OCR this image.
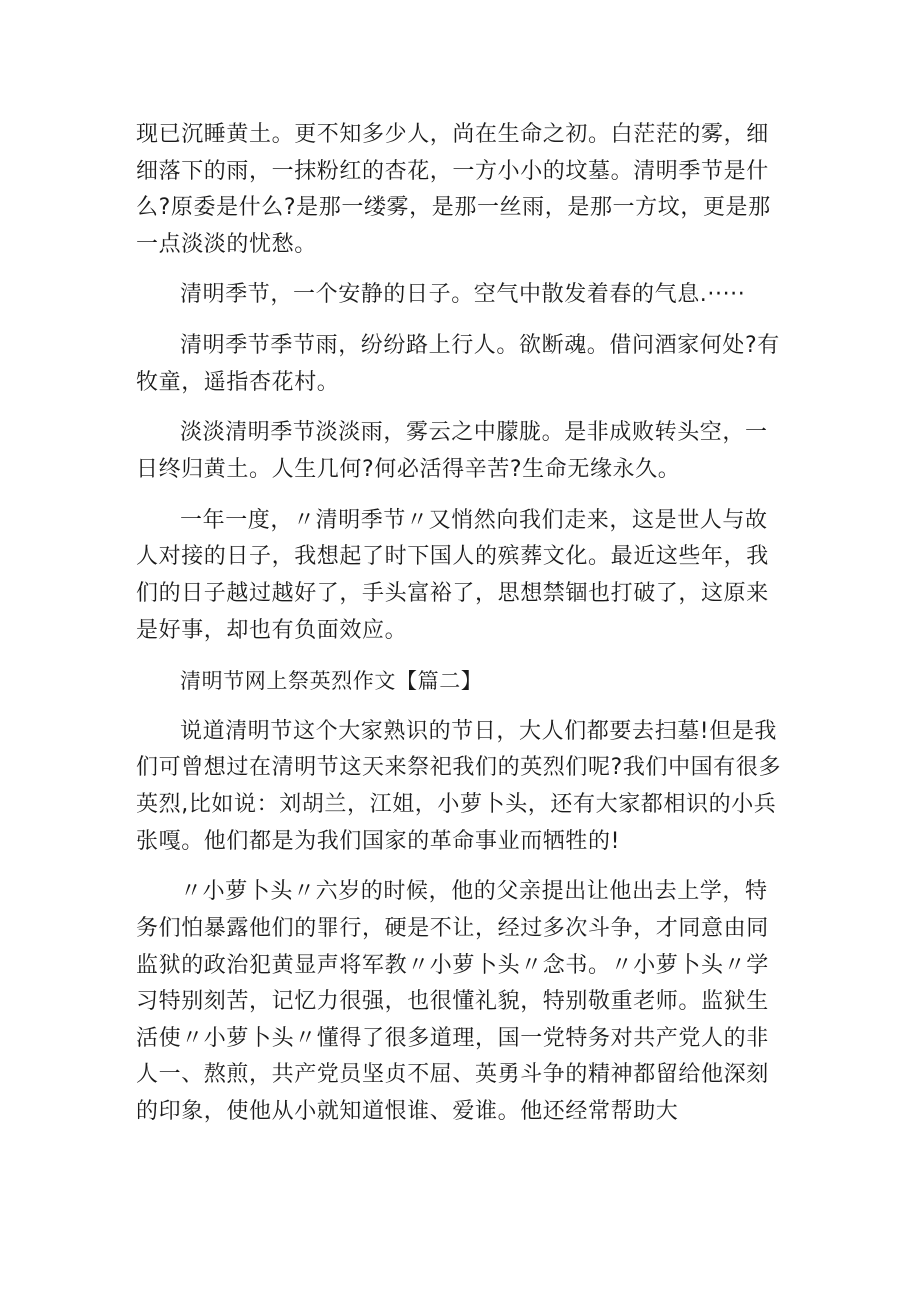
现已沉睡黄土。更不知多少人，尚在生命之初。白茫茫的雾，细细落下的雨，一抹粉红的杏花，一方小小的坟墓。清明季节是什么?原委是什么?是那一缕雾，是那一丝雨，是那一方坟，更是那一点淡淡的忧愁。

清明季节，一个安静的日子。空气中散发着春的气息.·····

清明季节季节雨，纷纷路上行人。欲断魂。借问酒家何处?有牧童，遥指杏花村。

淡淡清明季节淡淡雨，雾云之中朦胧。是非成败转头空，一日终归黄土。人生几何?何必活得辛苦?生命无缘永久。

一年一度，〃清明季节〃又悄然向我们走来，这是世人与故人对接的日子，我想起了时下国人的殡葬文化。最近这些年，我们的日子越过越好了，手头富裕了，思想禁锢也打破了，这原来是好事，却也有负面效应。

清明节网上祭英烈作文【篇二】

说道清明节这个大家熟识的节日，大人们都要去扫墓!但是我们可曾想过在清明节这天来祭祀我们的英烈们呢?我们中国有很多英烈,比如说：刘胡兰，江姐，小萝卜头，还有大家都相识的小兵张嘎。他们都是为我们国家的革命事业而牺牲的!

〃小萝卜头〃六岁的时候，他的父亲提出让他出去上学，特务们怕暴露他们的罪行，硬是不让，经过多次斗争，才同意由同监狱的政治犯黄显声将军教〃小萝卜头〃念书。〃小萝卜头〃学习特别刻苦，记忆力很强，也很懂礼貌，特别敬重老师。监狱生活使〃小萝卜头〃懂得了很多道理，国一党特务对共产党人的非人一、熬煎，共产党员坚贞不屈、英勇斗争的精神都留给他深刻的印象，使他从小就知道恨谁、爱谁。他还经常帮助大
